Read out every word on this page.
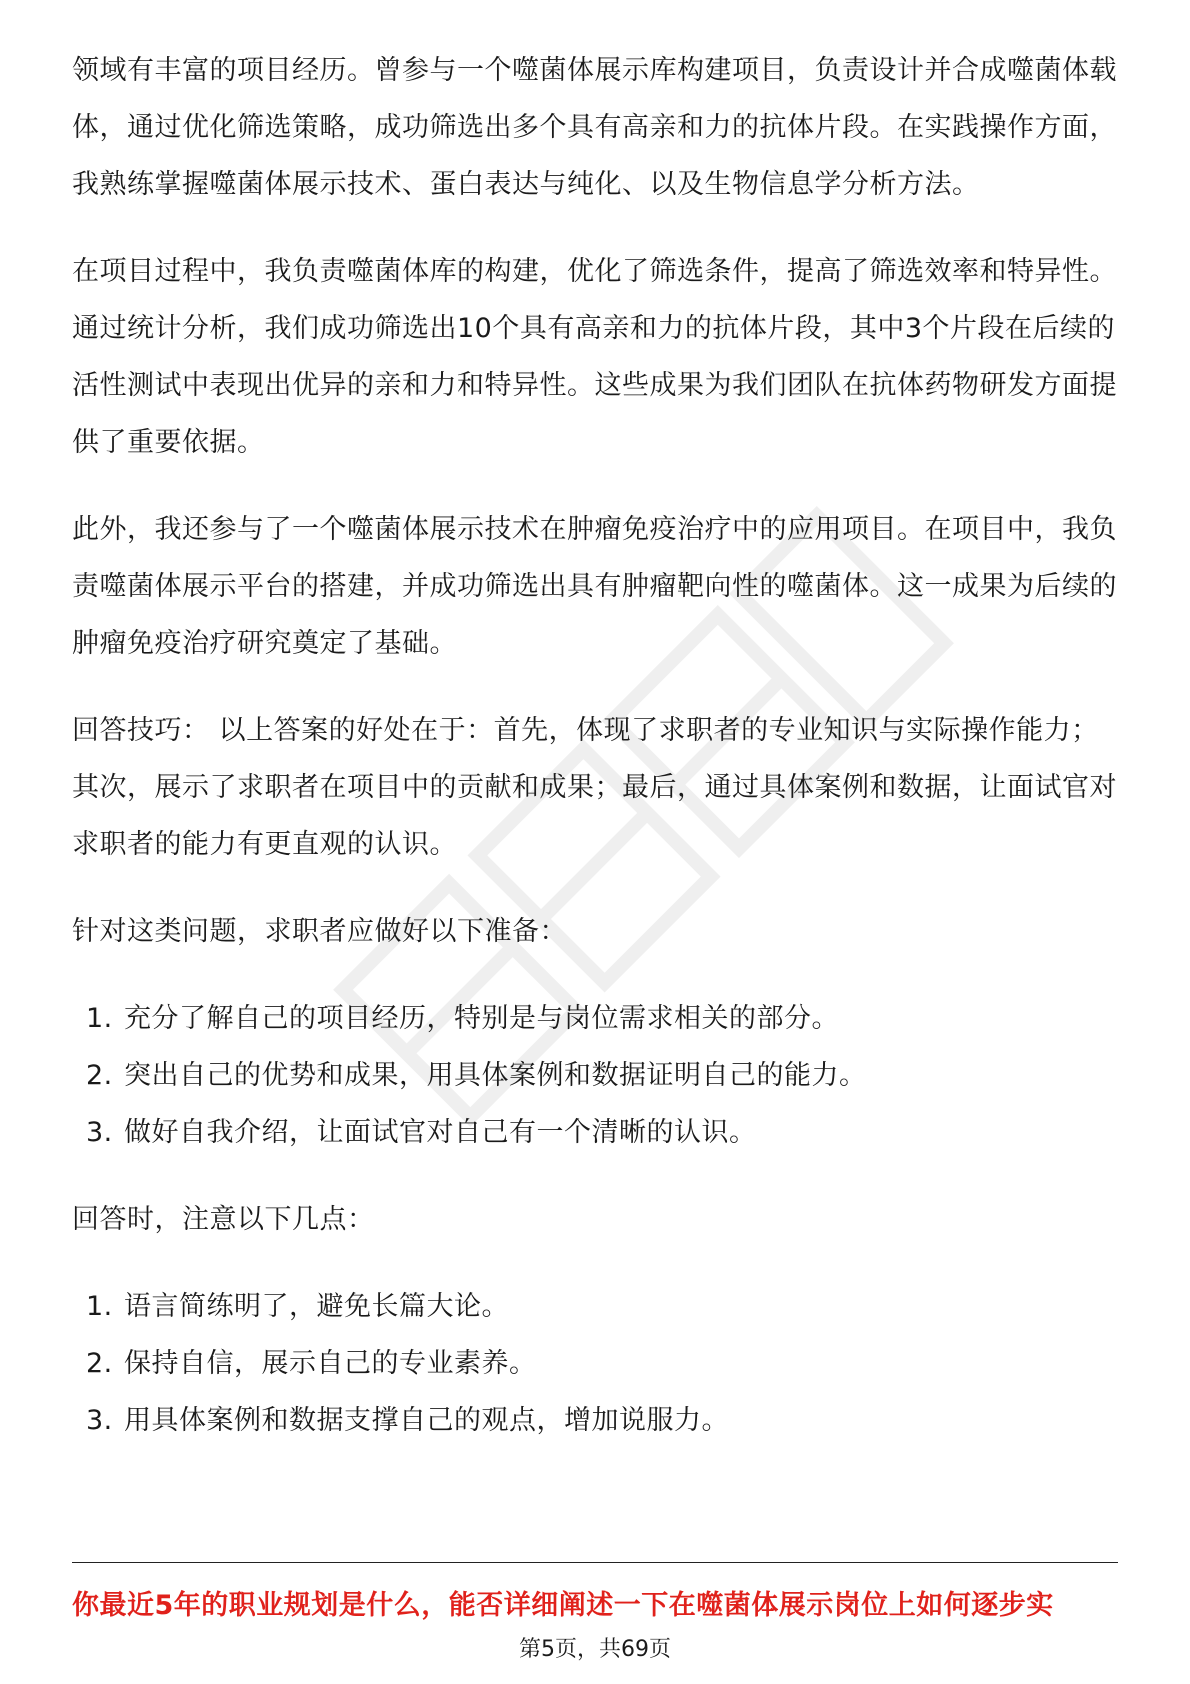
领域有丰富的项目经历。曾参与一个噬菌体展示库构建项目，负责设计并合成噬菌体载体，通过优化筛选策略，成功筛选出多个具有高亲和力的抗体片段。在实践操作方面，我熟练掌握噬菌体展示技术、蛋白表达与纯化、以及生物信息学分析方法。

在项目过程中，我负责噬菌体库的构建，优化了筛选条件，提高了筛选效率和特异性。通过统计分析，我们成功筛选出10个具有高亲和力的抗体片段，其中3个片段在后续的活性测试中表现出优异的亲和力和特异性。这些成果为我们团队在抗体药物研发方面提供了重要依据。

此外，我还参与了一个噬菌体展示技术在肿瘤免疫治疗中的应用项目。在项目中，我负责噬菌体展示平台的搭建，并成功筛选出具有肿瘤靶向性的噬菌体。这一成果为后续的肿瘤免疫治疗研究奠定了基础。

回答技巧： 以上答案的好处在于：首先，体现了求职者的专业知识与实际操作能力；其次，展示了求职者在项目中的贡献和成果；最后，通过具体案例和数据，让面试官对求职者的能力有更直观的认识。

针对这类问题，求职者应做好以下准备：

1. 充分了解自己的项目经历，特别是与岗位需求相关的部分。
2. 突出自己的优势和成果，用具体案例和数据证明自己的能力。
3. 做好自我介绍，让面试官对自己有一个清晰的认识。

回答时，注意以下几点：

1. 语言简练明了，避免长篇大论。
2. 保持自信，展示自己的专业素养。
3. 用具体案例和数据支撑自己的观点，增加说服力。
你最近5年的职业规划是什么，能否详细阐述一下在噬菌体展示岗位上如何逐步实
第5页，共69页
